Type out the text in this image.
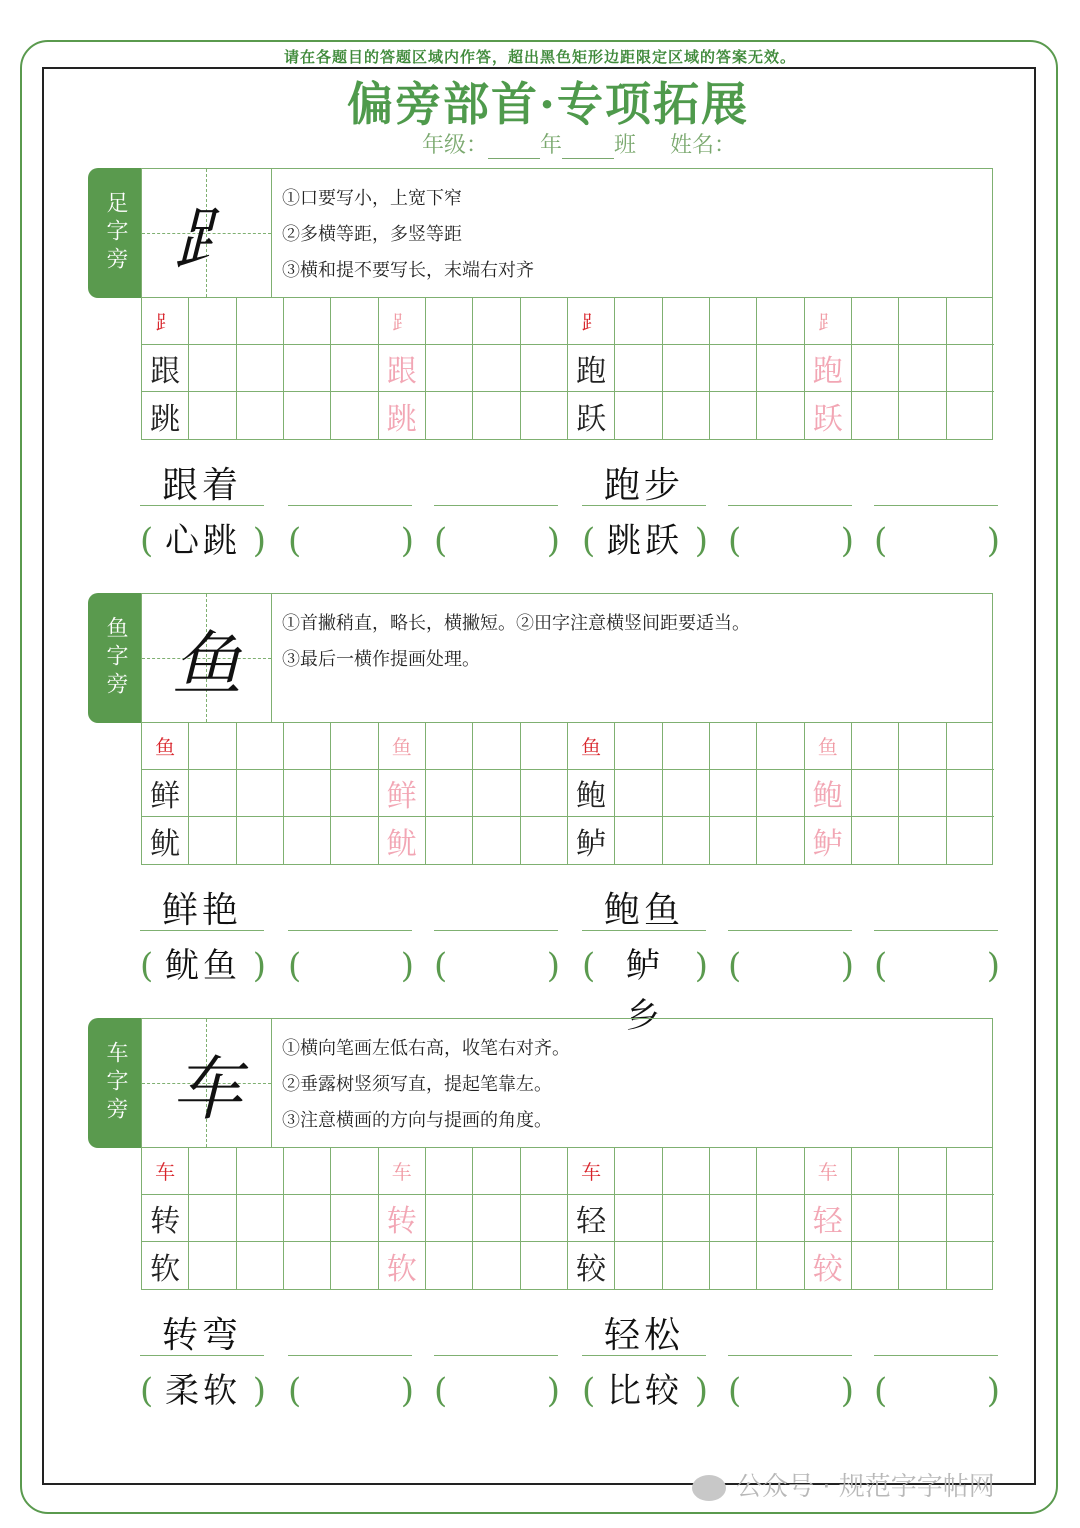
请在各题目的答题区域内作答，超出黑色矩形边距限定区域的答案无效。
偏旁部首·专项拓展
年级： 年 班 姓名：
足字旁 ⻊	①口要写小，上宽下窄
②多横等距，多竖等距
③横和提不要写长，末端右对齐
⻊	⻊	⻊	⻊
跟	跟	跑	跑
跳	跳	跃	跃
跟着	跑步
( 心跳 ) (	) (	) ( 跳跃 ) (	) (	)
鱼字旁 鱼	①首撇稍直，略长，横撇短。②田字注意横竖间距要适当。
③最后一横作提画处理。
鱼	鱼	鱼	鱼
鲜	鲜	鲍	鲍
鱿	鱿	鲈	鲈
鲜艳	鲍鱼
( 鱿鱼 ) (	) (	) ( 鲈 乡
) (	) (	)
车字旁 车	①横向笔画左低右高，收笔右对齐。
②垂露树竖须写直，提起笔靠左。
③注意横画的方向与提画的角度。
车	车	车	车
转	转	轻	轻
软	软	较	较
转弯	轻松
( 柔软 ) (	) (	) ( 比较 ) (	) (	)
公众号 · 规范字字帖网
